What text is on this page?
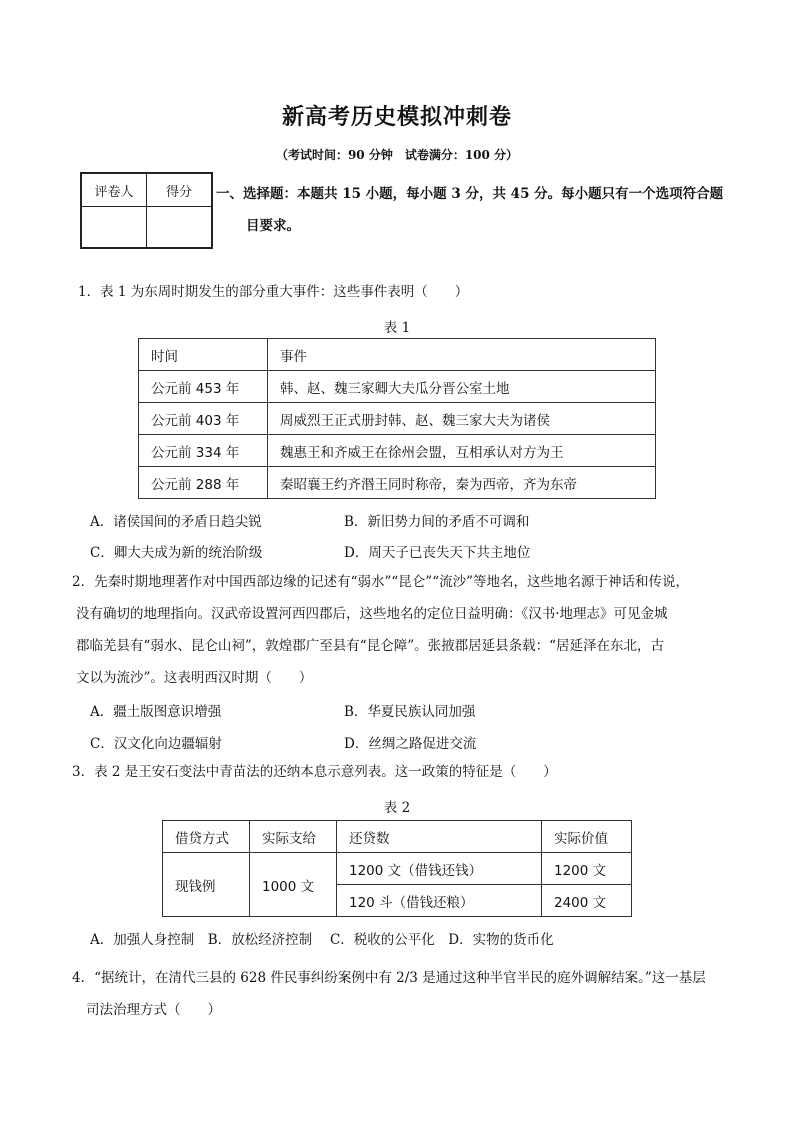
新高考历史模拟冲刺卷
（考试时间：90 分钟　试卷满分：100 分）
评卷人	得分
	一、选择题：本题共 15 小题，每小题 3 分，共 45 分。每小题只有一个选项符合题
目要求。
1．表 1 为东周时期发生的部分重大事件：这些事件表明（　　）
表 1
时间	事件
公元前 453 年	韩、赵、魏三家卿大夫瓜分晋公室土地
公元前 403 年	周威烈王正式册封韩、赵、魏三家大夫为诸侯
公元前 334 年	魏惠王和齐威王在徐州会盟，互相承认对方为王
公元前 288 年	秦昭襄王约齐湣王同时称帝，秦为西帝，齐为东帝
A．诸侯国间的矛盾日趋尖锐	B．新旧势力间的矛盾不可调和
C．卿大夫成为新的统治阶级	D．周天子已丧失天下共主地位
2．先秦时期地理著作对中国西部边缘的记述有“弱水”“昆仑”“流沙”等地名，这些地名源于神话和传说，
没有确切的地理指向。汉武帝设置河西四郡后，这些地名的定位日益明确：《汉书·地理志》可见金城
郡临羌县有“弱水、昆仑山祠”，敦煌郡广至县有“昆仑障”。张掖郡居延县条载：“居延泽在东北，古
文以为流沙”。这表明西汉时期（　　）
A．疆土版图意识增强	B．华夏民族认同加强
C．汉文化向边疆辐射	D．丝绸之路促进交流
3．表 2 是王安石变法中青苗法的还纳本息示意列表。这一政策的特征是（　　）
表 2
借贷方式	实际支给	还贷数	实际价值
现钱例	1000 文	1200 文（借钱还钱）	1200 文
		120 斗（借钱还粮）	2400 文
A．加强人身控制　B．放松经济控制　 C．税收的公平化　D．实物的货币化
4．“据统计，在清代三县的 628 件民事纠纷案例中有 2/3 是通过这种半官半民的庭外调解结案。”这一基层
司法治理方式（　　）
